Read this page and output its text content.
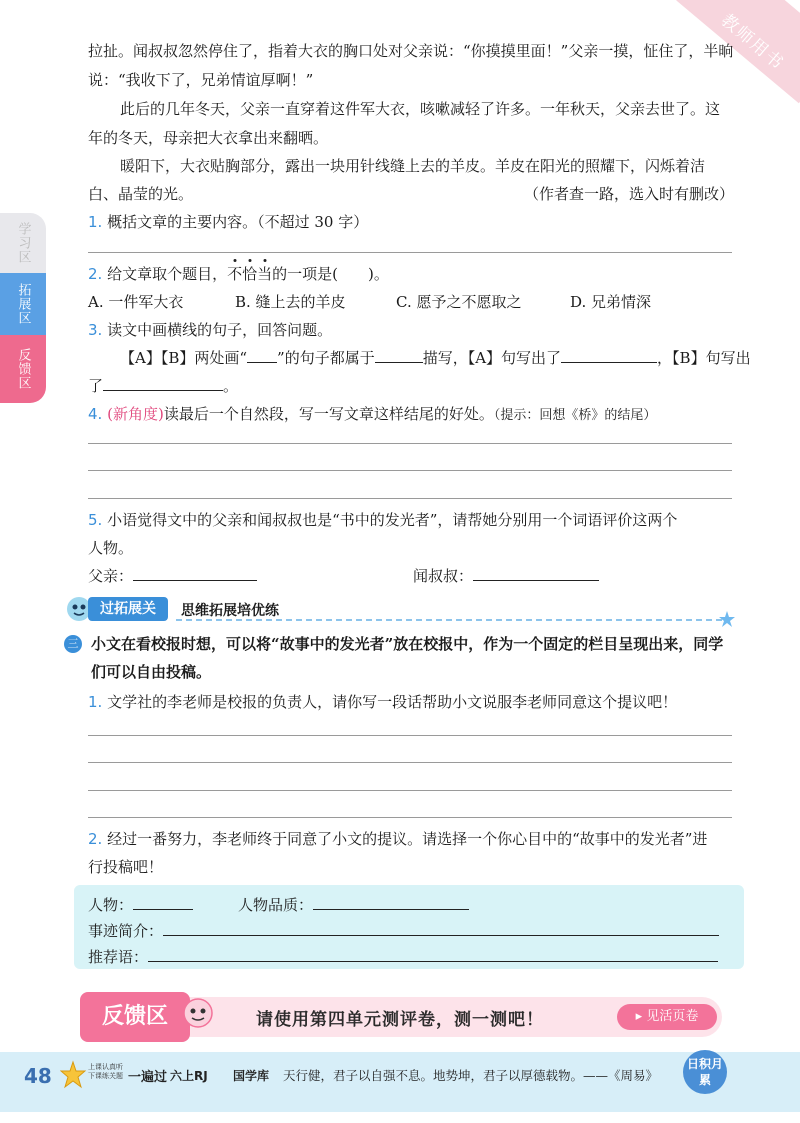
教师用书
学习区
拓展区
反馈区
拉扯。闻叔叔忽然停住了，指着大衣的胸口处对父亲说：“你摸摸里面！”父亲一摸，怔住了，半晌
说：“我收下了，兄弟情谊厚啊！”
此后的几年冬天，父亲一直穿着这件军大衣，咳嗽减轻了许多。一年秋天，父亲去世了。这
年的冬天，母亲把大衣拿出来翻晒。
暖阳下，大衣贴胸部分，露出一块用针线缝上去的羊皮。羊皮在阳光的照耀下，闪烁着洁
白、晶莹的光。	（作者查一路，选入时有删改）
1. 概括文章的主要内容。（不超过 30 字）
2. 给文章取个题目，不恰当的一项是(　　)。
A. 一件军大衣	B. 缝上去的羊皮	C. 愿予之不愿取之	D. 兄弟情深
3. 读文中画横线的句子，回答问题。
【A】【B】两处画“ ”的句子都属于	描写，【A】句写出了	，【B】句写出
了	。
4. (新角度)读最后一个自然段，写一写文章这样结尾的好处。（提示：回想《桥》的结尾）
5. 小语觉得文中的父亲和闻叔叔也是“书中的发光者”，请帮她分别用一个词语评价这两个
人物。
父亲：	闻叔叔：
过拓展关	思维拓展培优练
三 小文在看校报时想，可以将“故事中的发光者”放在校报中，作为一个固定的栏目呈现出来，同学
们可以自由投稿。
1. 文学社的李老师是校报的负责人，请你写一段话帮助小文说服李老师同意这个提议吧！
2. 经过一番努力，李老师终于同意了小文的提议。请选择一个你心目中的“故事中的发光者”进
行投稿吧！
人物：	人物品质：
事迹简介：
推荐语：
反馈区	请使用第四单元测评卷，测一测吧！	▸ 见活页卷
48	上课认真听 下课练关题 一遍过 六上RJ 国学库 天行健，君子以自强不息。地势坤，君子以厚德载物。——《周易》
日积月累
